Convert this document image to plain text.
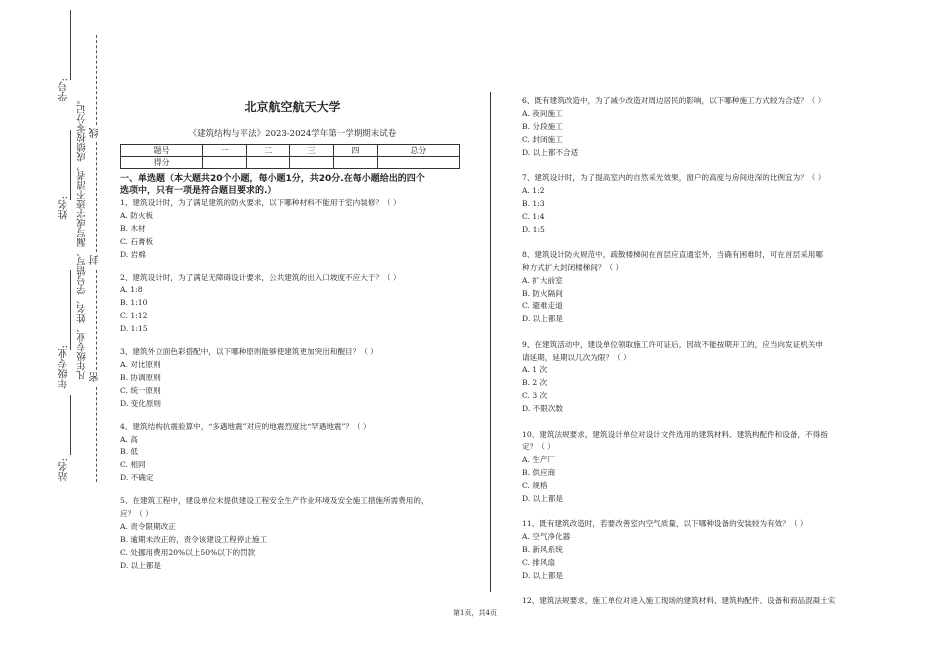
学号:
姓名:
年级专业:
站名:
凡年级专业、姓名、学号错写、漏写或字迹不清者，成绩按零分记。 线
封
密
北京航空航天大学
《建筑结构与平法》2023-2024学年第一学期期末试卷
题号	一	二	三	四	总分
得分					
一、单选题（本大题共20个小题，每小题1分，共20分.在每小题给出的四个
选项中，只有一项是符合题目要求的.）
1、建筑设计时，为了满足建筑的防火要求，以下哪种材料不能用于室内装修？（ ）
A. 防火板
B. 木材
C. 石膏板
D. 岩棉
2、建筑设计时，为了满足无障碍设计要求，公共建筑的出入口坡度不应大于？（ ）
A. 1:8
B. 1:10
C. 1:12
D. 1:15
3、建筑外立面色彩搭配中，以下哪种原则能够使建筑更加突出和醒目？（ ）
A. 对比原则
B. 协调原则
C. 统一原则
D. 变化原则
4、建筑结构抗震验算中，“多遇地震”对应的地震烈度比“罕遇地震”？（ ）
A. 高
B. 低
C. 相同
D. 不确定
5、在建筑工程中，建设单位未提供建设工程安全生产作业环境及安全施工措施所需费用的，
应？（ ）
A. 责令限期改正
B. 逾期未改正的，责令该建设工程停止施工
C. 处挪用费用20%以上50%以下的罚款
D. 以上都是
6、既有建筑改造中，为了减少改造对周边居民的影响，以下哪种施工方式较为合适？（ ）
A. 夜间施工
B. 分段施工
C. 封闭施工
D. 以上都不合适
7、建筑设计时，为了提高室内的自然采光效果，窗户的高度与房间进深的比例宜为？（ ）
A. 1:2
B. 1:3
C. 1:4
D. 1:5
8、建筑设计防火规范中，疏散楼梯间在首层应直通室外，当确有困难时，可在首层采用哪
种方式扩大封闭楼梯间？（ ）
A. 扩大前室
B. 防火隔间
C. 避难走道
D. 以上都是
9、在建筑活动中，建设单位领取施工许可证后，因故不能按期开工的，应当向发证机关申
请延期，延期以几次为限？（ ）
A. 1 次
B. 2 次
C. 3 次
D. 不限次数
10、建筑法规要求，建筑设计单位对设计文件选用的建筑材料、建筑构配件和设备，不得指
定？（ ）
A. 生产厂
B. 供应商
C. 规格
D. 以上都是
11、既有建筑改造时，若要改善室内空气质量，以下哪种设备的安装较为有效？（ ）
A. 空气净化器
B. 新风系统
C. 排风扇
D. 以上都是
12、建筑法规要求，施工单位对进入施工现场的建筑材料、建筑构配件、设备和商品混凝土实
第1页，共4页
